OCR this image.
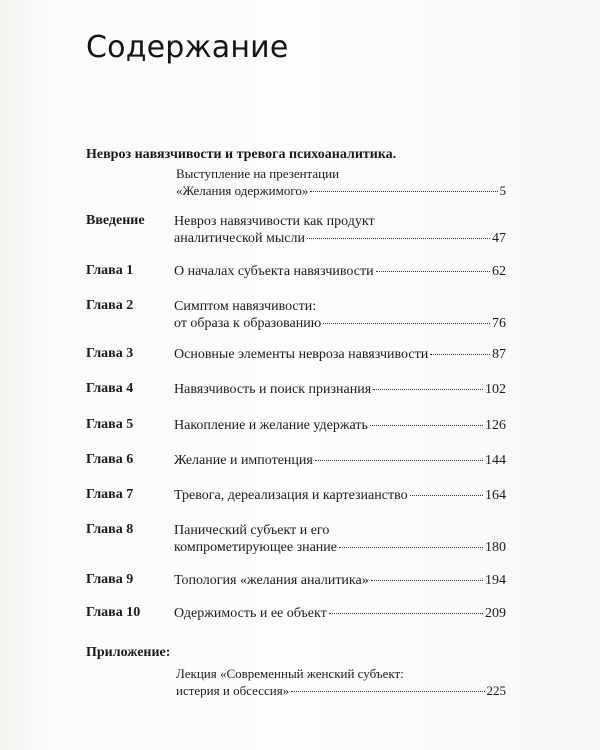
Содержание
Невроз навязчивости и тревога психоаналитика.
Выступление на презентации
«Желания одержимого»	5
Введение Невроз навязчивости как продукт
аналитической мысли	47
Глава 1	О началах субъекта навязчивости	62
Глава 2	Симптом навязчивости:
от образа к образованию	76
Глава 3	Основные элементы невроза навязчивости	87
Глава 4	Навязчивость и поиск признания	102
Глава 5	Накопление и желание удержать	126
Глава 6	Желание и импотенция	144
Глава 7	Тревога, дереализация и картезианство	164
Глава 8	Панический субъект и его
компрометирующее знание	180
Глава 9	Топология «желания аналитика»	194
Глава 10 Одержимость и ее объект	209
Приложение:
Лекция «Современный женский субъект:
истерия и обсессия»	225
